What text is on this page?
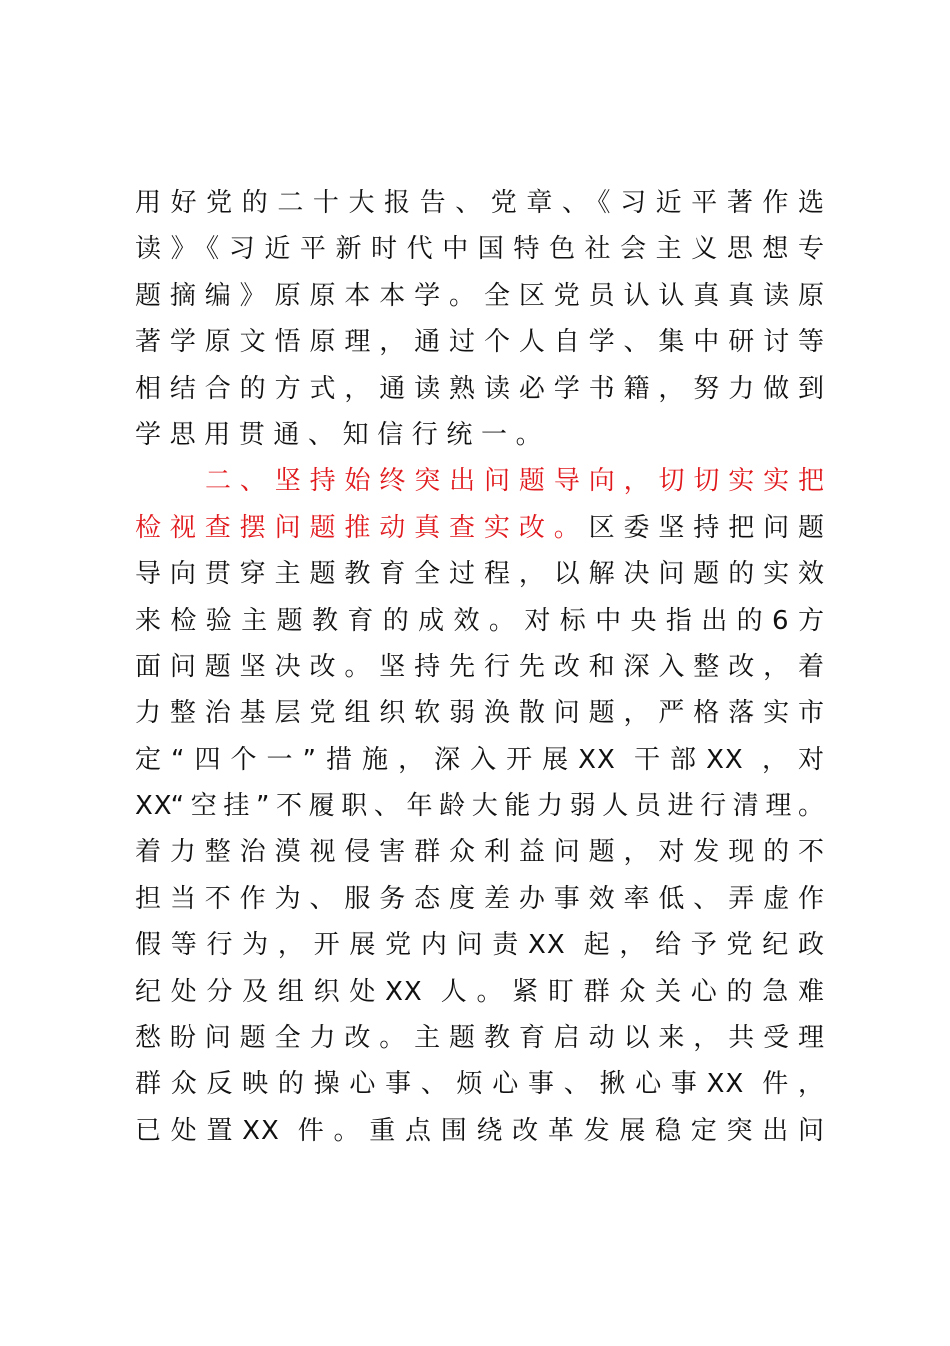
用好党的二十大报告、党章、《习近平著作选
读》《习近平新时代中国特色社会主义思想专
题摘编》原原本本学。全区党员认认真真读原
著学原文悟原理，通过个人自学、集中研讨等
相结合的方式，通读熟读必学书籍，努力做到
学思用贯通、知信行统一。
二、坚持始终突出问题导向，切切实实把
检视查摆问题推动真查实改。区委坚持把问题
导向贯穿主题教育全过程，以解决问题的实效
来检验主题教育的成效。对标中央指出的6方
面问题坚决改。坚持先行先改和深入整改，着
力整治基层党组织软弱涣散问题，严格落实市
定“四个一”措施，深入开展XX 干部XX ，对
XX“空挂”不履职、年龄大能力弱人员进行清理。
着力整治漠视侵害群众利益问题，对发现的不
担当不作为、服务态度差办事效率低、弄虚作
假等行为，开展党内问责XX 起，给予党纪政
纪处分及组织处XX 人。紧盯群众关心的急难
愁盼问题全力改。主题教育启动以来，共受理
群众反映的操心事、烦心事、揪心事XX 件，
已处置XX 件。重点围绕改革发展稳定突出问
